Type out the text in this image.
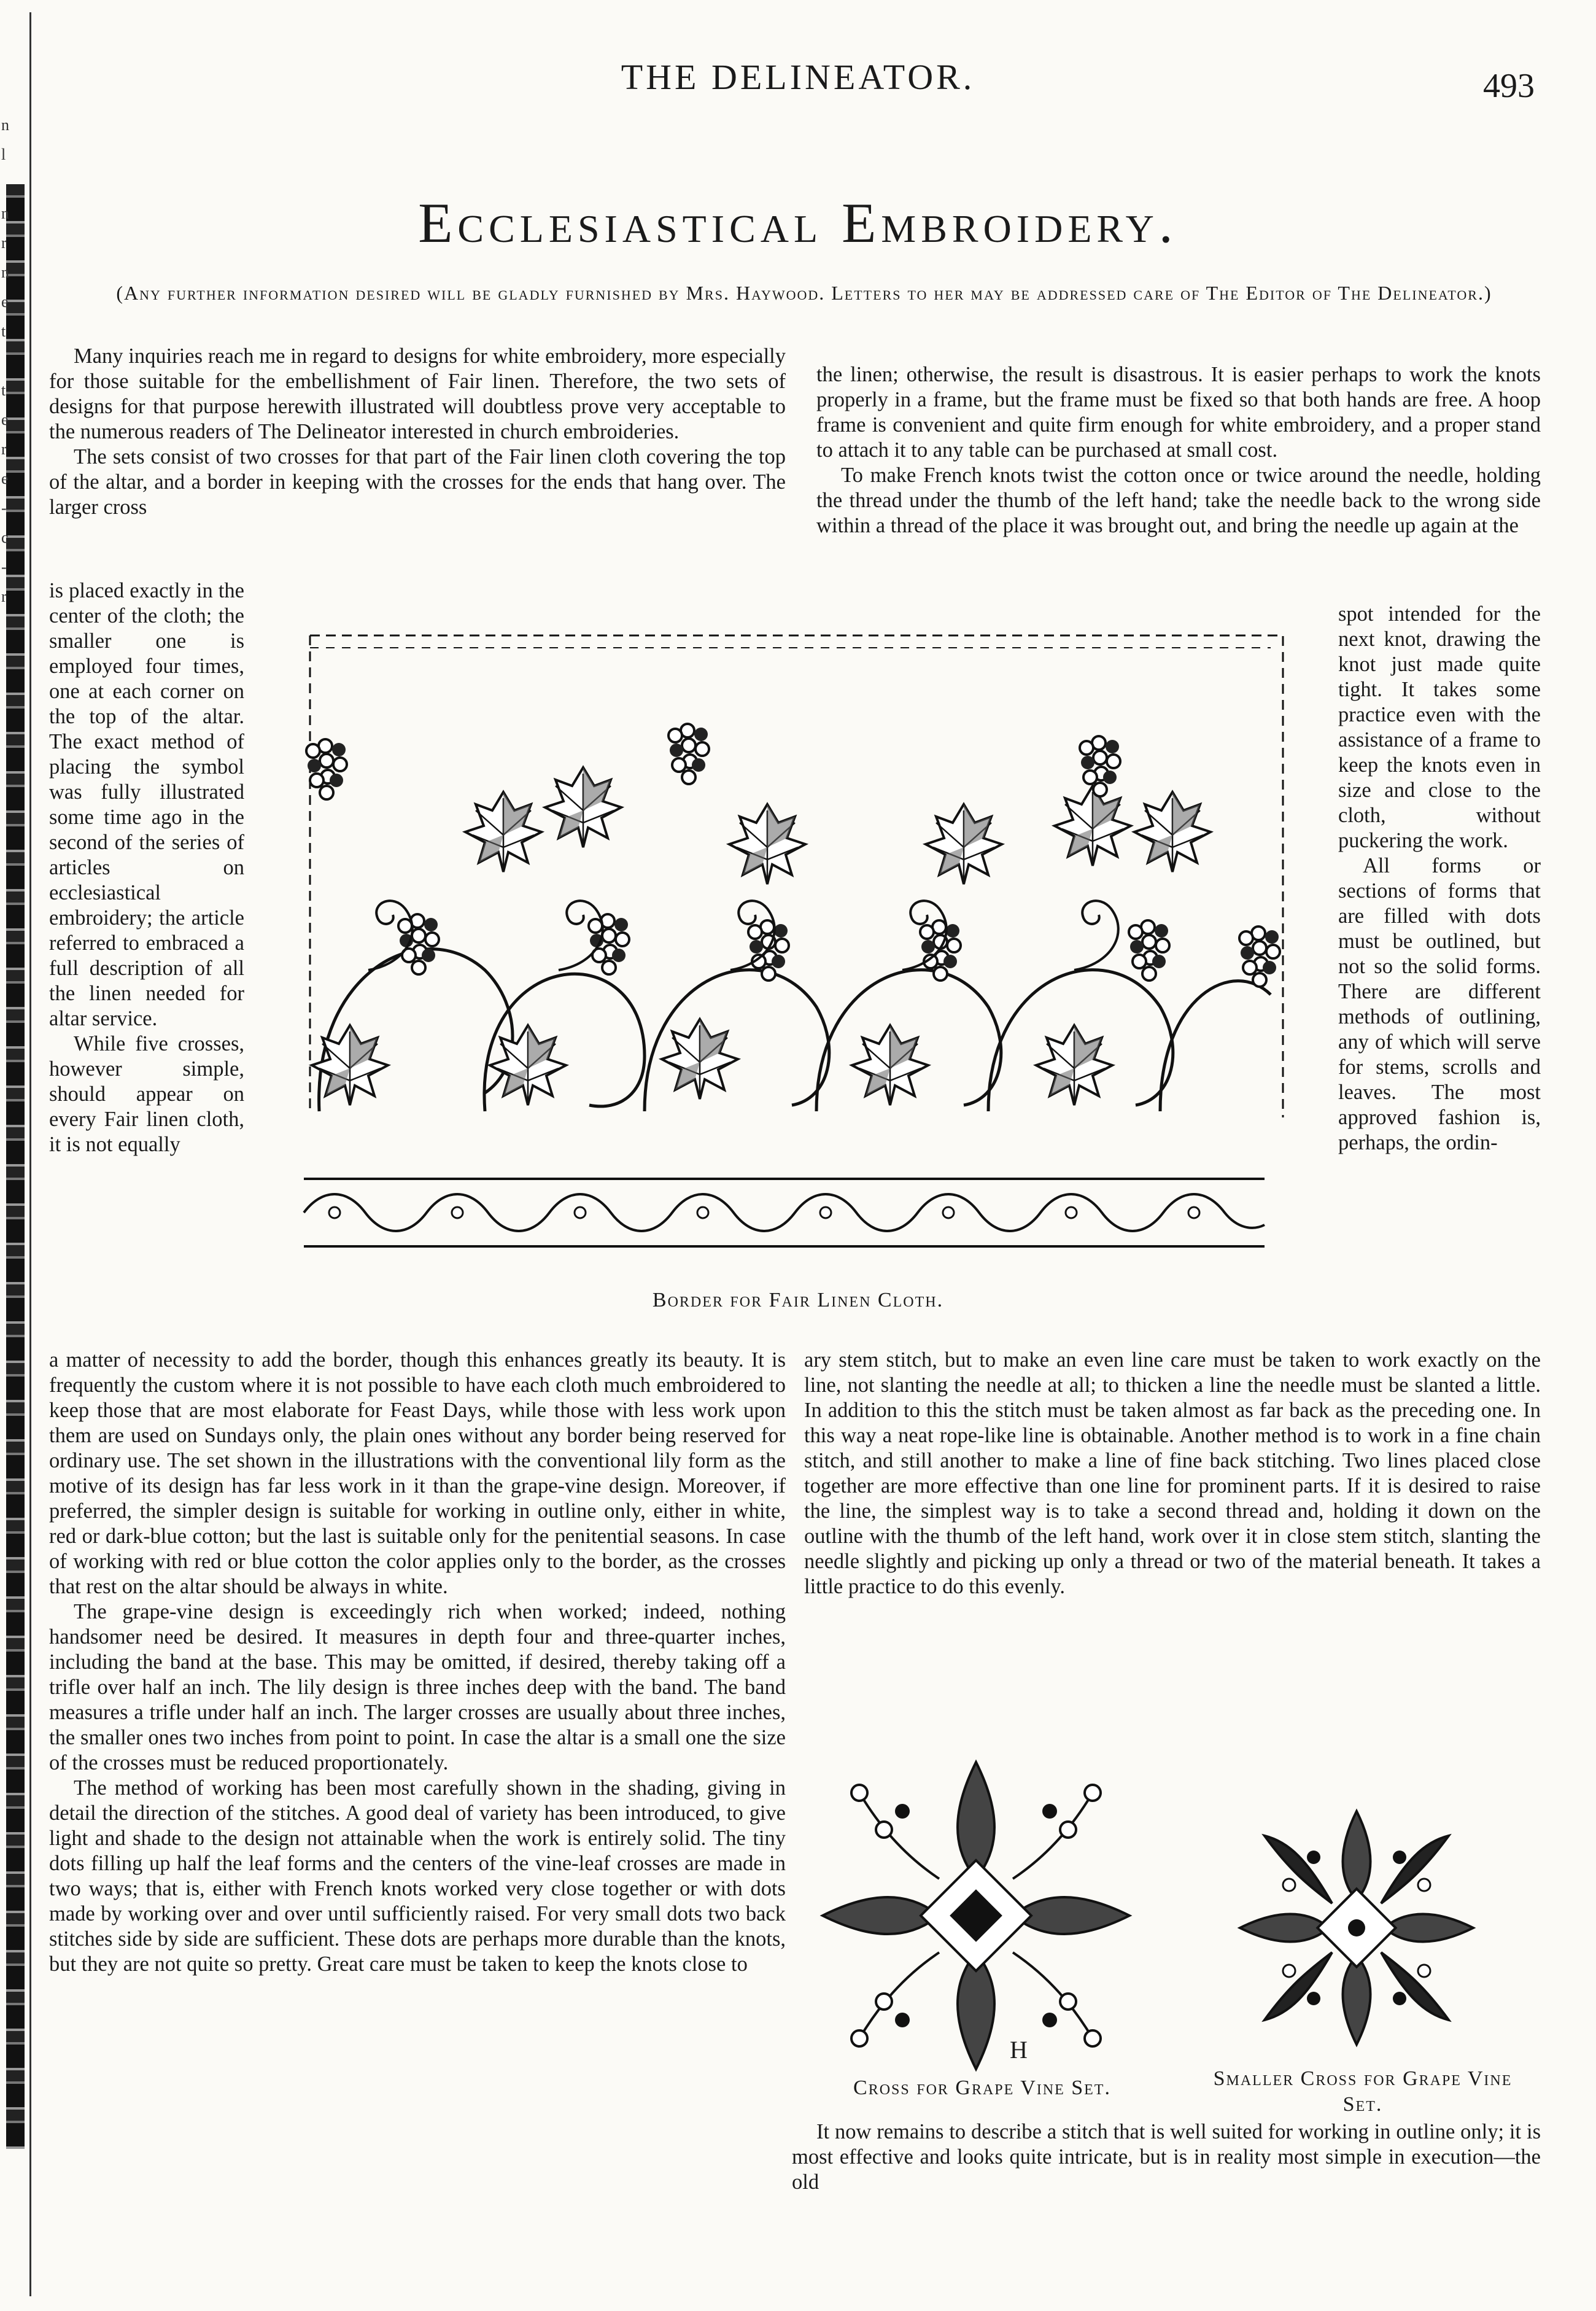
n
l

n
r
n
e
t

t
e
r
e
-
c
-
r
THE DELINEATOR.	493
Ecclesiastical Embroidery.
(Any further information desired will be gladly furnished by Mrs. Haywood. Letters to her may be addressed care of The Editor of The Delineator.)

Many inquiries reach me in regard to designs for white embroidery, more especially for those suitable for the embellishment of Fair linen. Therefore, the two sets of designs for that purpose herewith illustrated will doubtless prove very acceptable to the numerous readers of The Delineator interested in church embroideries.

The sets consist of two crosses for that part of the Fair linen cloth covering the top of the altar, and a border in keeping with the crosses for the ends that hang over. The larger cross

is placed exactly in the center of the cloth; the smaller one is employed four times, one at each corner on the top of the altar. The exact method of placing the symbol was fully illustrated some time ago in the second of the series of articles on ecclesiastical embroidery; the article referred to embraced a full description of all the linen needed for altar service.

While five crosses, however simple, should appear on every Fair linen cloth, it is not equally

a matter of necessity to add the border, though this enhances greatly its beauty. It is frequently the custom where it is not possible to have each cloth much embroidered to keep those that are most elaborate for Feast Days, while those with less work upon them are used on Sundays only, the plain ones without any border being reserved for ordinary use. The set shown in the illustrations with the conventional lily form as the motive of its design has far less work in it than the grape-vine design. Moreover, if preferred, the simpler design is suitable for working in outline only, either in white, red or dark-blue cotton; but the last is suitable only for the penitential seasons. In case of working with red or blue cotton the color applies only to the border, as the crosses that rest on the altar should be always in white.

The grape-vine design is exceedingly rich when worked; indeed, nothing handsomer need be desired. It measures in depth four and three-quarter inches, including the band at the base. This may be omitted, if desired, thereby taking off a trifle over half an inch. The lily design is three inches deep with the band. The band measures a trifle under half an inch. The larger crosses are usually about three inches, the smaller ones two inches from point to point. In case the altar is a small one the size of the crosses must be reduced proportionately.

The method of working has been most carefully shown in the shading, giving in detail the direction of the stitches. A good deal of variety has been introduced, to give light and shade to the design not attainable when the work is entirely solid. The tiny dots filling up half the leaf forms and the centers of the vine-leaf crosses are made in two ways; that is, either with French knots worked very close together or with dots made by working over and over until sufficiently raised. For very small dots two back stitches side by side are sufficient. These dots are perhaps more durable than the knots, but they are not quite so pretty. Great care must be taken to keep the knots close to

the linen; otherwise, the result is disastrous. It is easier perhaps to work the knots properly in a frame, but the frame must be fixed so that both hands are free. A hoop frame is convenient and quite firm enough for white embroidery, and a proper stand to attach it to any table can be purchased at small cost.

To make French knots twist the cotton once or twice around the needle, holding the thread under the thumb of the left hand; take the needle back to the wrong side within a thread of the place it was brought out, and bring the needle up again at the

spot intended for the next knot, drawing the knot just made quite tight. It takes some practice even with the assistance of a frame to keep the knots even in size and close to the cloth, without puckering the work.

All forms or sections of forms that are filled with dots must be outlined, but not so the solid forms. There are different methods of outlining, any of which will serve for stems, scrolls and leaves. The most approved fashion is, perhaps, the ordin-

ary stem stitch, but to make an even line care must be taken to work exactly on the line, not slanting the needle at all; to thicken a line the needle must be slanted a little. In addition to this the stitch must be taken almost as far back as the preceding one. In this way a neat rope-like line is obtainable. Another method is to work in a fine chain stitch, and still another to make a line of fine back stitching. Two lines placed close together are more effective than one line for prominent parts. If it is desired to raise the line, the simplest way is to take a second thread and, holding it down on the outline with the thumb of the left hand, work over it in close stem stitch, slanting the needle slightly and picking up only a thread or two of the material beneath. It takes a little practice to do this evenly.

It now remains to describe a stitch that is well suited for working in outline only; it is most effective and looks quite intricate, but is in reality most simple in execution—the old

Border for Fair Linen Cloth.
H
Cross for Grape Vine Set.	Smaller Cross for Grape Vine Set.
